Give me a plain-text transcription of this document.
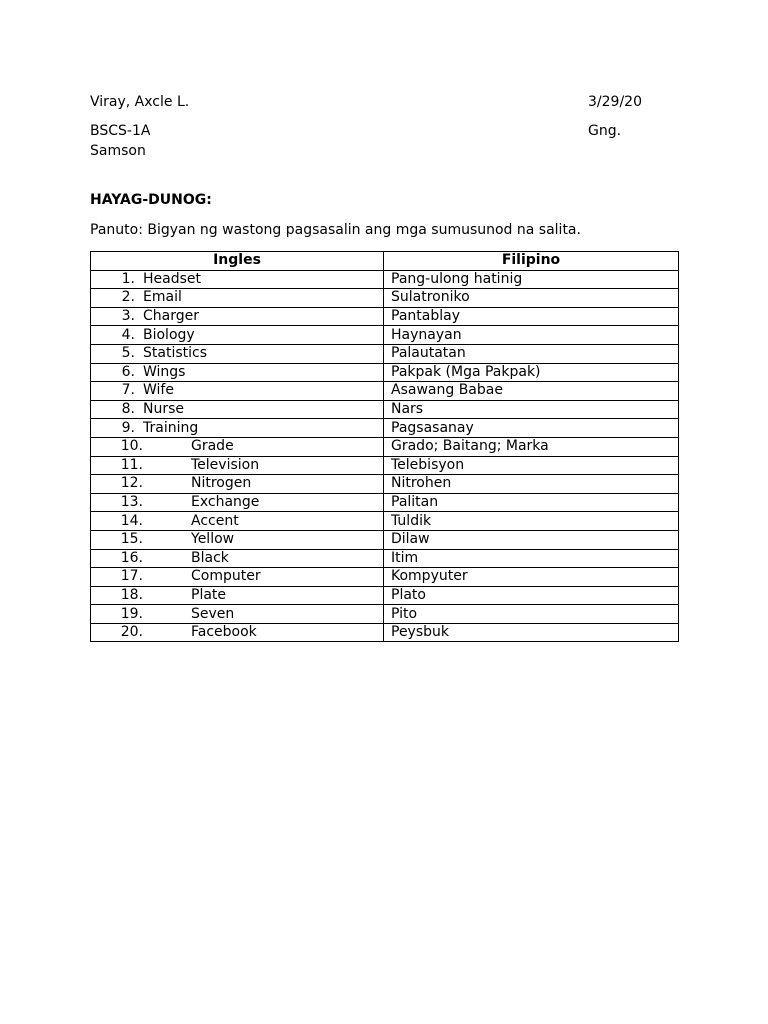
Viray, Axcle L.	3/29/20
BSCS-1A	Gng.
Samson
HAYAG-DUNOG:
Panuto: Bigyan ng wastong pagsasalin ang mga sumusunod na salita.
Ingles	Filipino
1. Headset	Pang-ulong hatinig
2. Email	Sulatroniko
3. Charger	Pantablay
4. Biology	Haynayan
5. Statistics	Palautatan
6. Wings	Pakpak (Mga Pakpak)
7. Wife	Asawang Babae
8. Nurse	Nars
9. Training	Pagsasanay
10. Grade	Grado; Baitang; Marka
11. Television	Telebisyon
12. Nitrogen	Nitrohen
13. Exchange	Palitan
14. Accent	Tuldik
15. Yellow	Dilaw
16. Black	Itim
17. Computer	Kompyuter
18. Plate	Plato
19. Seven	Pito
20. Facebook	Peysbuk
